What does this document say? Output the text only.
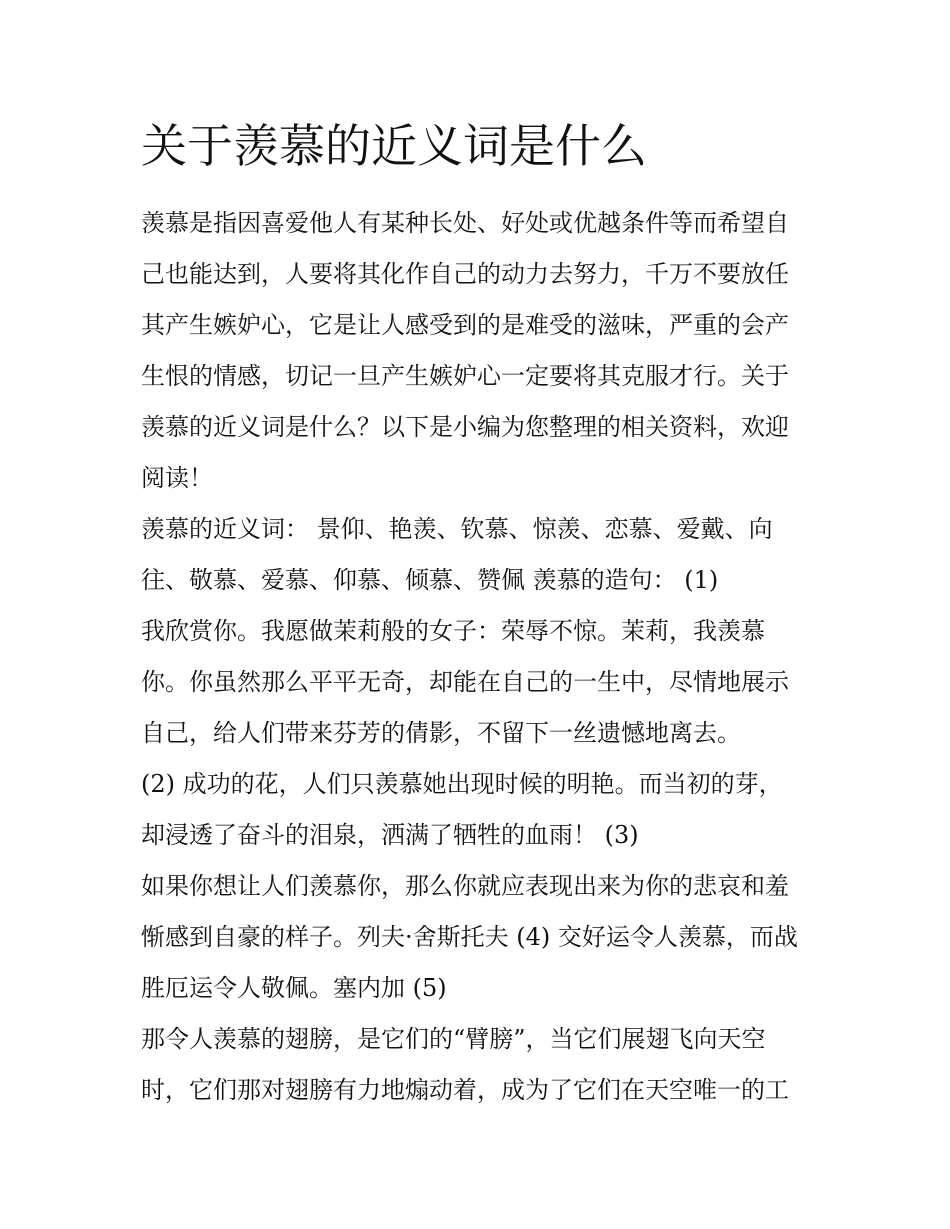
关于羡慕的近义词是什么
羡慕是指因喜爱他人有某种长处、好处或优越条件等而希望自
己也能达到，人要将其化作自己的动力去努力，千万不要放任
其产生嫉妒心，它是让人感受到的是难受的滋味，严重的会产
生恨的情感，切记一旦产生嫉妒心一定要将其克服才行。关于
羡慕的近义词是什么？以下是小编为您整理的相关资料，欢迎
阅读！
羡慕的近义词： 景仰、艳羡、钦慕、惊羡、恋慕、爱戴、向
往、敬慕、爱慕、仰慕、倾慕、赞佩 羡慕的造句： (1)
我欣赏你。我愿做茉莉般的女子：荣辱不惊。茉莉，我羡慕
你。你虽然那么平平无奇，却能在自己的一生中，尽情地展示
自己，给人们带来芬芳的倩影，不留下一丝遗憾地离去。
(2) 成功的花，人们只羡慕她出现时候的明艳。而当初的芽，
却浸透了奋斗的泪泉，洒满了牺牲的血雨！ (3)
如果你想让人们羡慕你，那么你就应表现出来为你的悲哀和羞
惭感到自豪的样子。列夫·舍斯托夫 (4) 交好运令人羡慕，而战
胜厄运令人敬佩。塞内加 (5)
那令人羡慕的翅膀，是它们的“臂膀”，当它们展翅飞向天空
时，它们那对翅膀有力地煽动着，成为了它们在天空唯一的工
